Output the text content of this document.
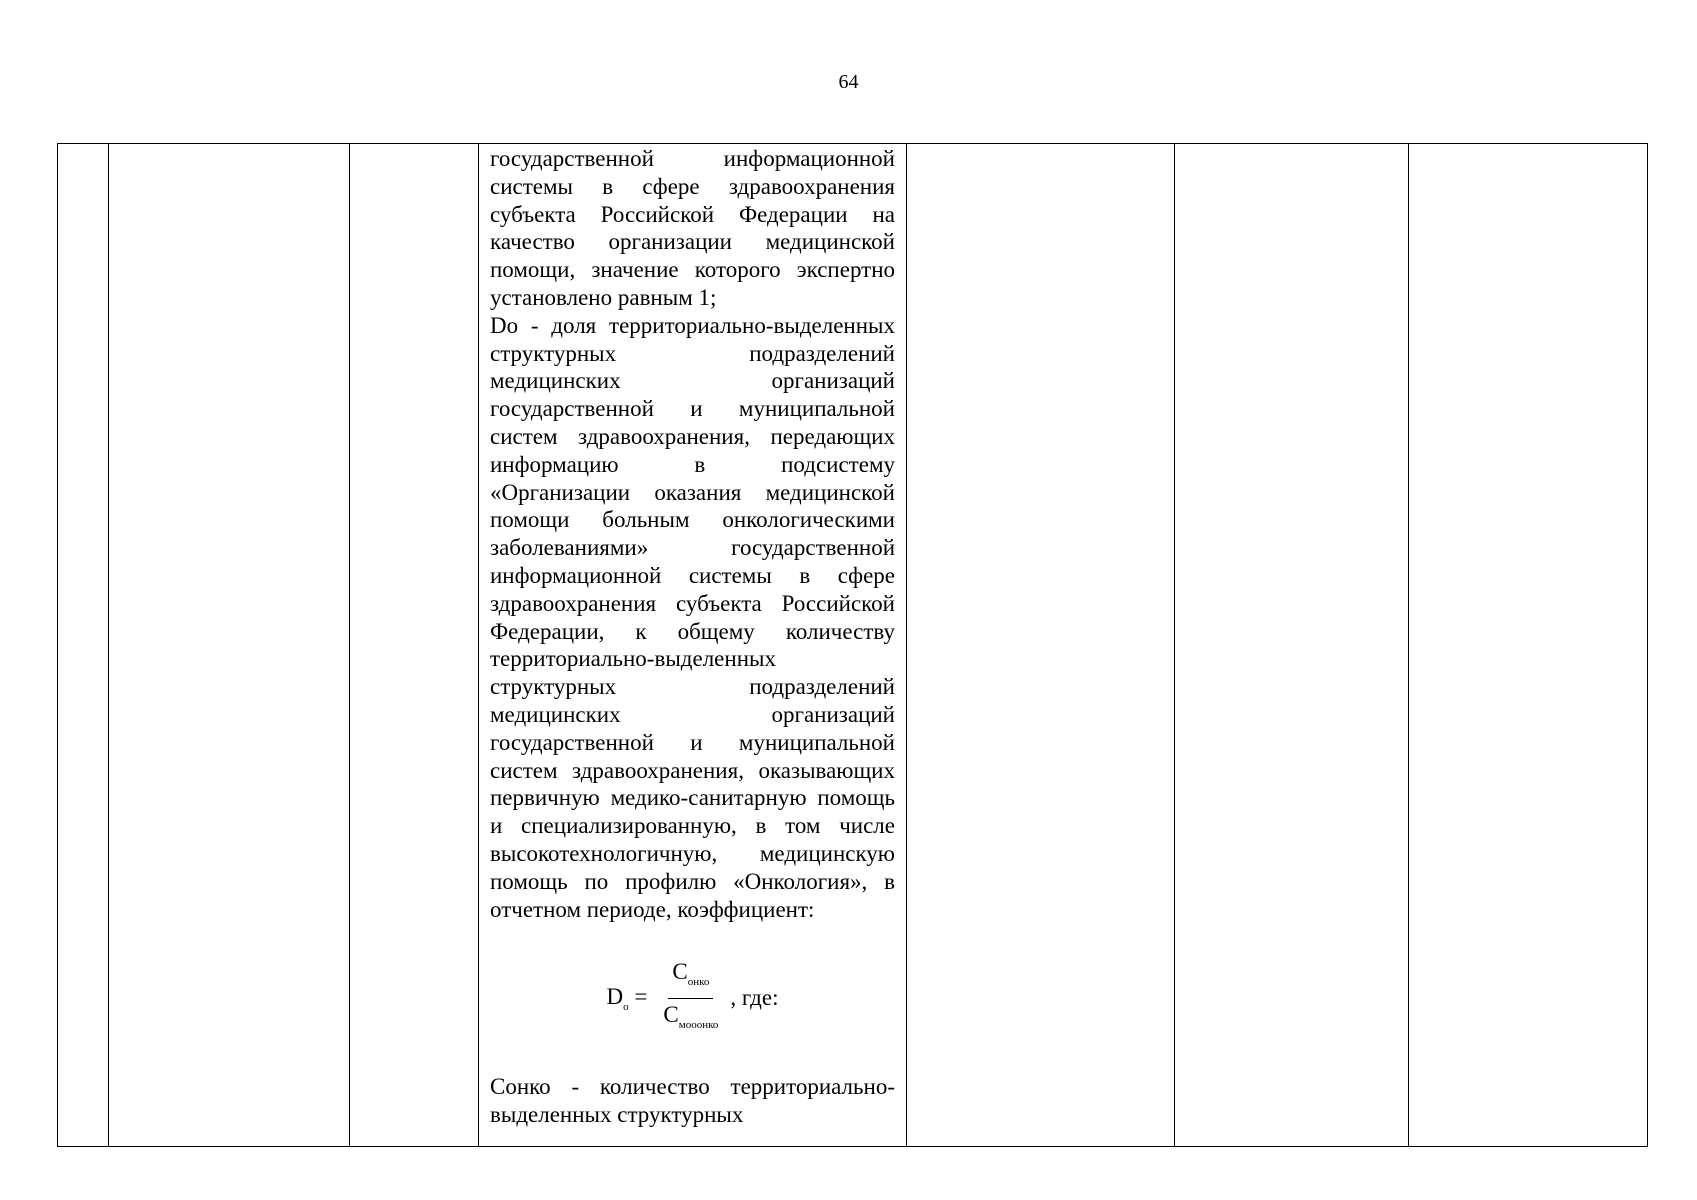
64

государственной информационной системы в сфере здравоохранения субъекта Российской Федерации на качество организации медицинской помощи, значение которого экспертно установлено равным 1;

Do - доля территориально-выделенных структурных подразделений медицинских организаций государственной и муниципальной систем здравоохранения, передающих информацию в подсистему «Организации оказания медицинской помощи больным онкологическими заболеваниями» государственной информационной системы в сфере здравоохранения субъекта Российской Федерации, к общему количеству территориально-выделенных

структурных подразделений медицинских организаций государственной и муниципальной систем здравоохранения, оказывающих первичную медико-санитарную помощь и специализированную, в том числе высокотехнологичную, медицинскую помощь по профилю «Онкология», в отчетном периоде, коэффициент:

$D_o = \frac{C_{онко}}{C_{мооонко}}$ , где:

Сонко - количество территориально-выделенных структурных
